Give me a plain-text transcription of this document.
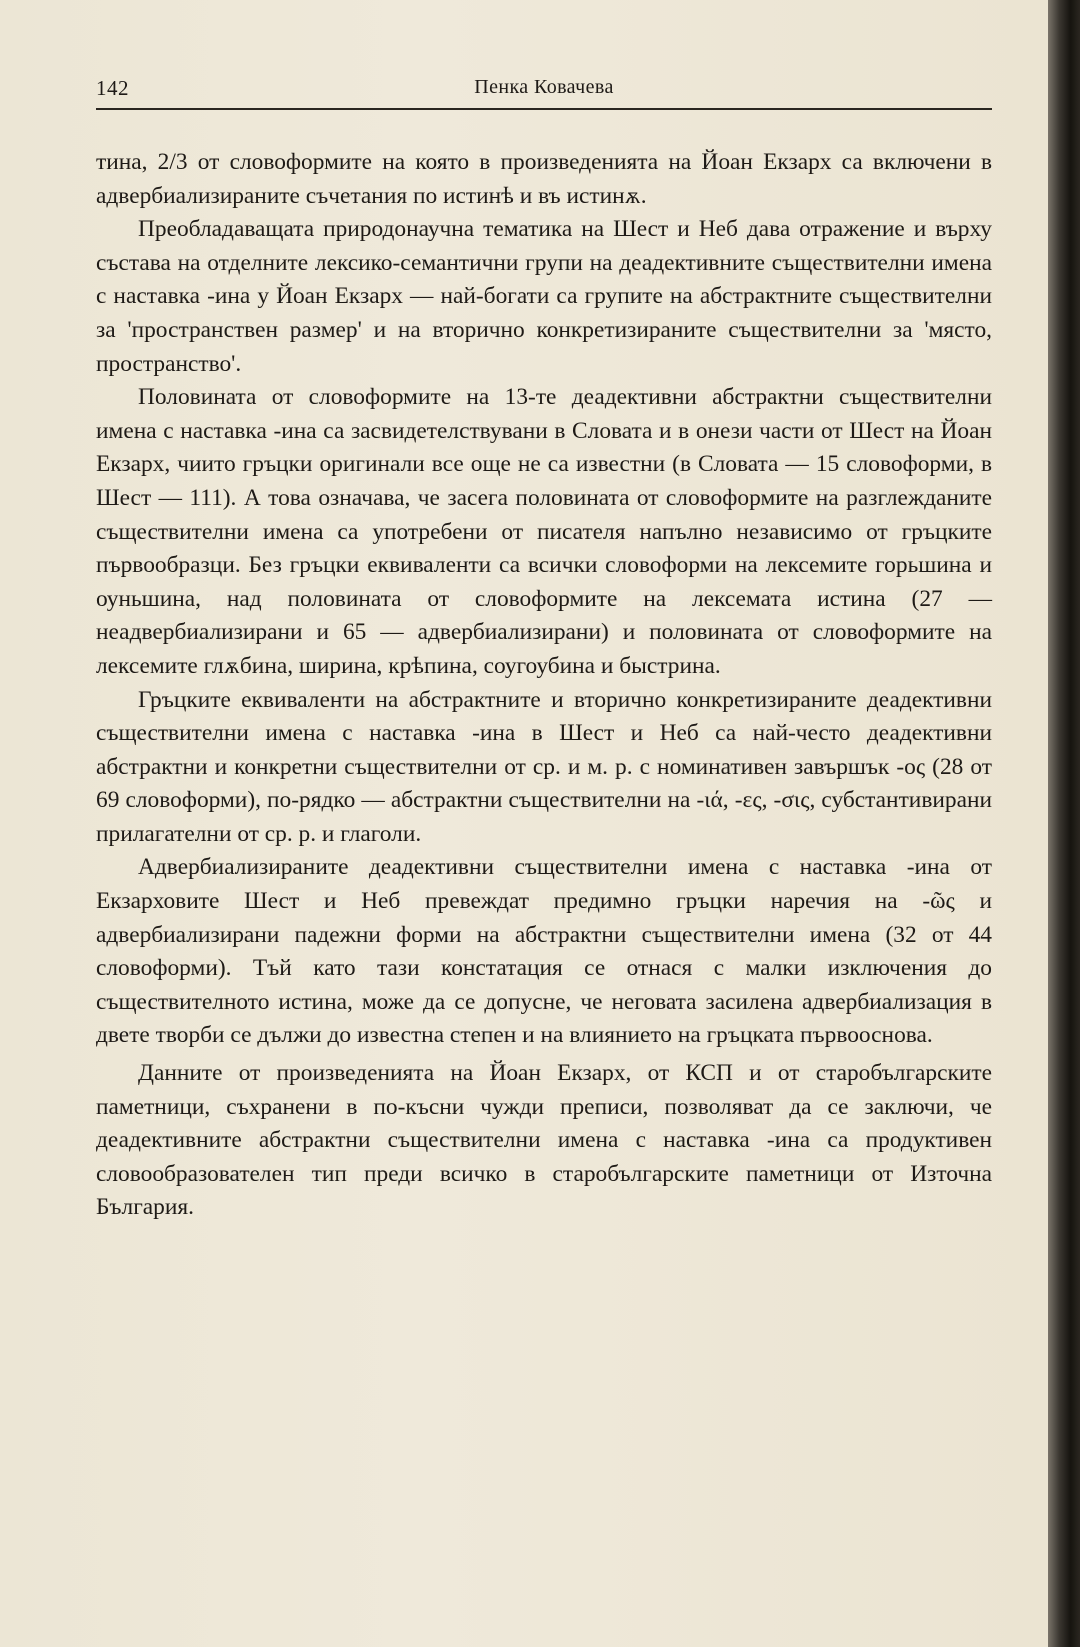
142	Пенка Ковачева

тина, 2/3 от словоформите на която в произведенията на Йоан Екзарх са включени в адвербиализираните съчетания по истинѣ и въ истинѫ.

Преобладаващата природонаучна тематика на Шест и Неб дава отражение и върху състава на отделните лексико-семантични групи на деадективните съществителни имена с наставка -ина у Йоан Екзарх — най-богати са групите на абстрактните съществителни за 'пространствен размер' и на вторично конкретизираните съществителни за 'място, пространство'.

Половината от словоформите на 13-те деадективни абстрактни съществителни имена с наставка -ина са засвидетелствувани в Словата и в онези части от Шест на Йоан Екзарх, чиито гръцки оригинали все още не са известни (в Словата — 15 словоформи, в Шест — 111). А това означава, че засега половината от словоформите на разглежданите съществителни имена са употребени от писателя напълно независимо от гръцките първообразци. Без гръцки еквиваленти са всички словоформи на лексемите горьшина и оуньшина, над половината от словоформите на лексемата истина (27 — неадвербиализирани и 65 — адвербиализирани) и половината от словоформите на лексемите глѫбина, ширина, крѣпина, соугоубина и быстрина.

Гръцките еквиваленти на абстрактните и вторично конкретизираните деадективни съществителни имена с наставка -ина в Шест и Неб са най-често деадективни абстрактни и конкретни съществителни от ср. и м. р. с номинативен завършък -ος (28 от 69 словоформи), по-рядко — абстрактни съществителни на -ιά, -ες, -σις, субстантивирани прилагателни от ср. р. и глаголи.

Адвербиализираните деадективни съществителни имена с наставка -ина от Екзарховите Шест и Неб превеждат предимно гръцки наречия на -ῶς и адвербиализирани падежни форми на абстрактни съществителни имена (32 от 44 словоформи). Тъй като тази констатация се отнася с малки изключения до съществителното истина, може да се допусне, че неговата засилена адвербиализация в двете творби се дължи до известна степен и на влиянието на гръцката първооснова.

Данните от произведенията на Йоан Екзарх, от КСП и от старобългарските паметници, съхранени в по-късни чужди преписи, позволяват да се заключи, че деадективните абстрактни съществителни имена с наставка -ина са продуктивен словообразователен тип преди всичко в старобългарските паметници от Източна България.
